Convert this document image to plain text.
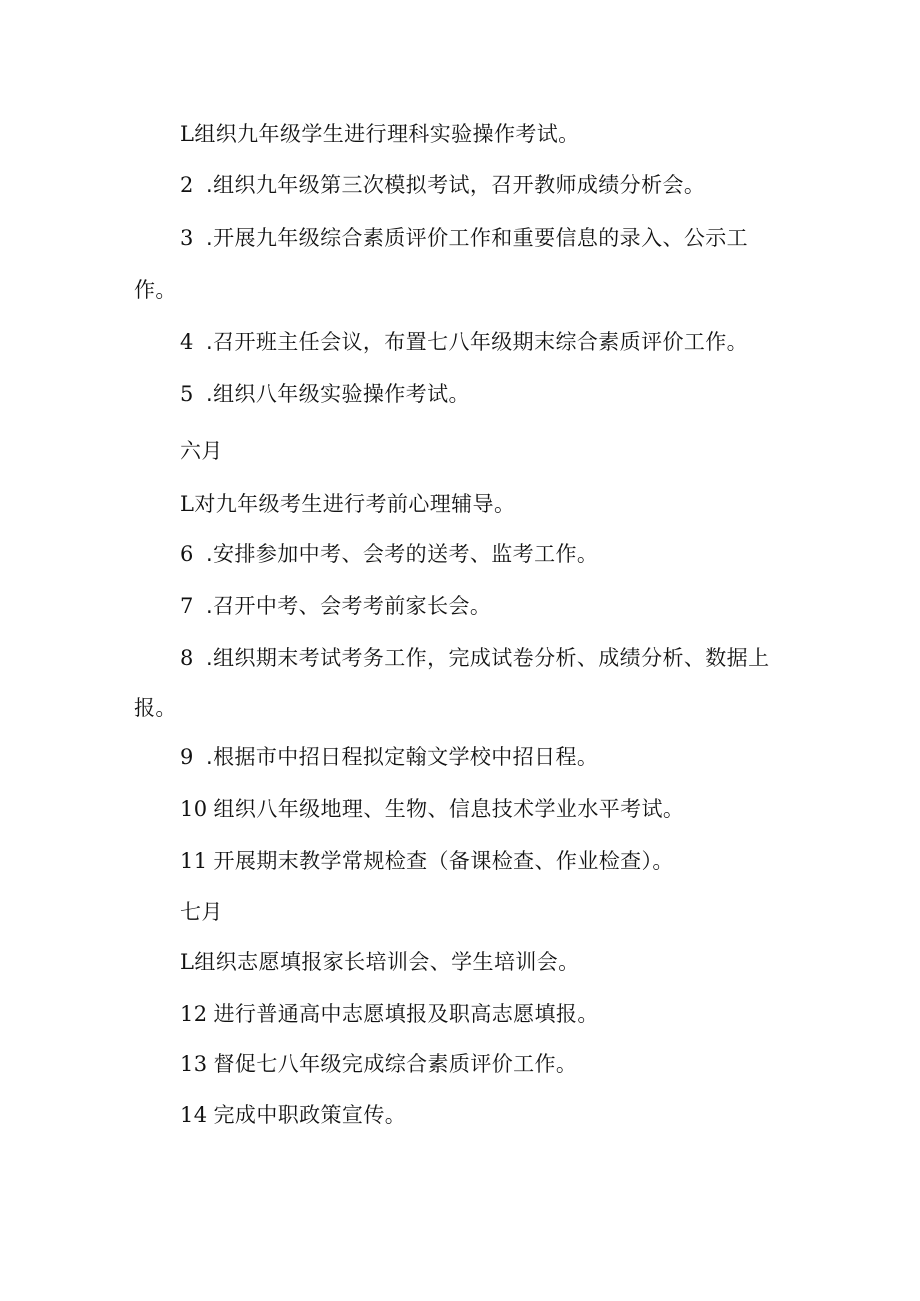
L组织九年级学生进行理科实验操作考试。
2 .组织九年级第三次模拟考试，召开教师成绩分析会。
3 .开展九年级综合素质评价工作和重要信息的录入、公示工
作。
4 .召开班主任会议，布置七八年级期末综合素质评价工作。
5 .组织八年级实验操作考试。
六月
L对九年级考生进行考前心理辅导。
6 .安排参加中考、会考的送考、监考工作。
7 .召开中考、会考考前家长会。
8 .组织期末考试考务工作，完成试卷分析、成绩分析、数据上
报。
9 .根据市中招日程拟定翰文学校中招日程。
10 组织八年级地理、生物、信息技术学业水平考试。
11 开展期末教学常规检查（备课检查、作业检查）。
七月
L组织志愿填报家长培训会、学生培训会。
12 进行普通高中志愿填报及职高志愿填报。
13 督促七八年级完成综合素质评价工作。
14 完成中职政策宣传。
